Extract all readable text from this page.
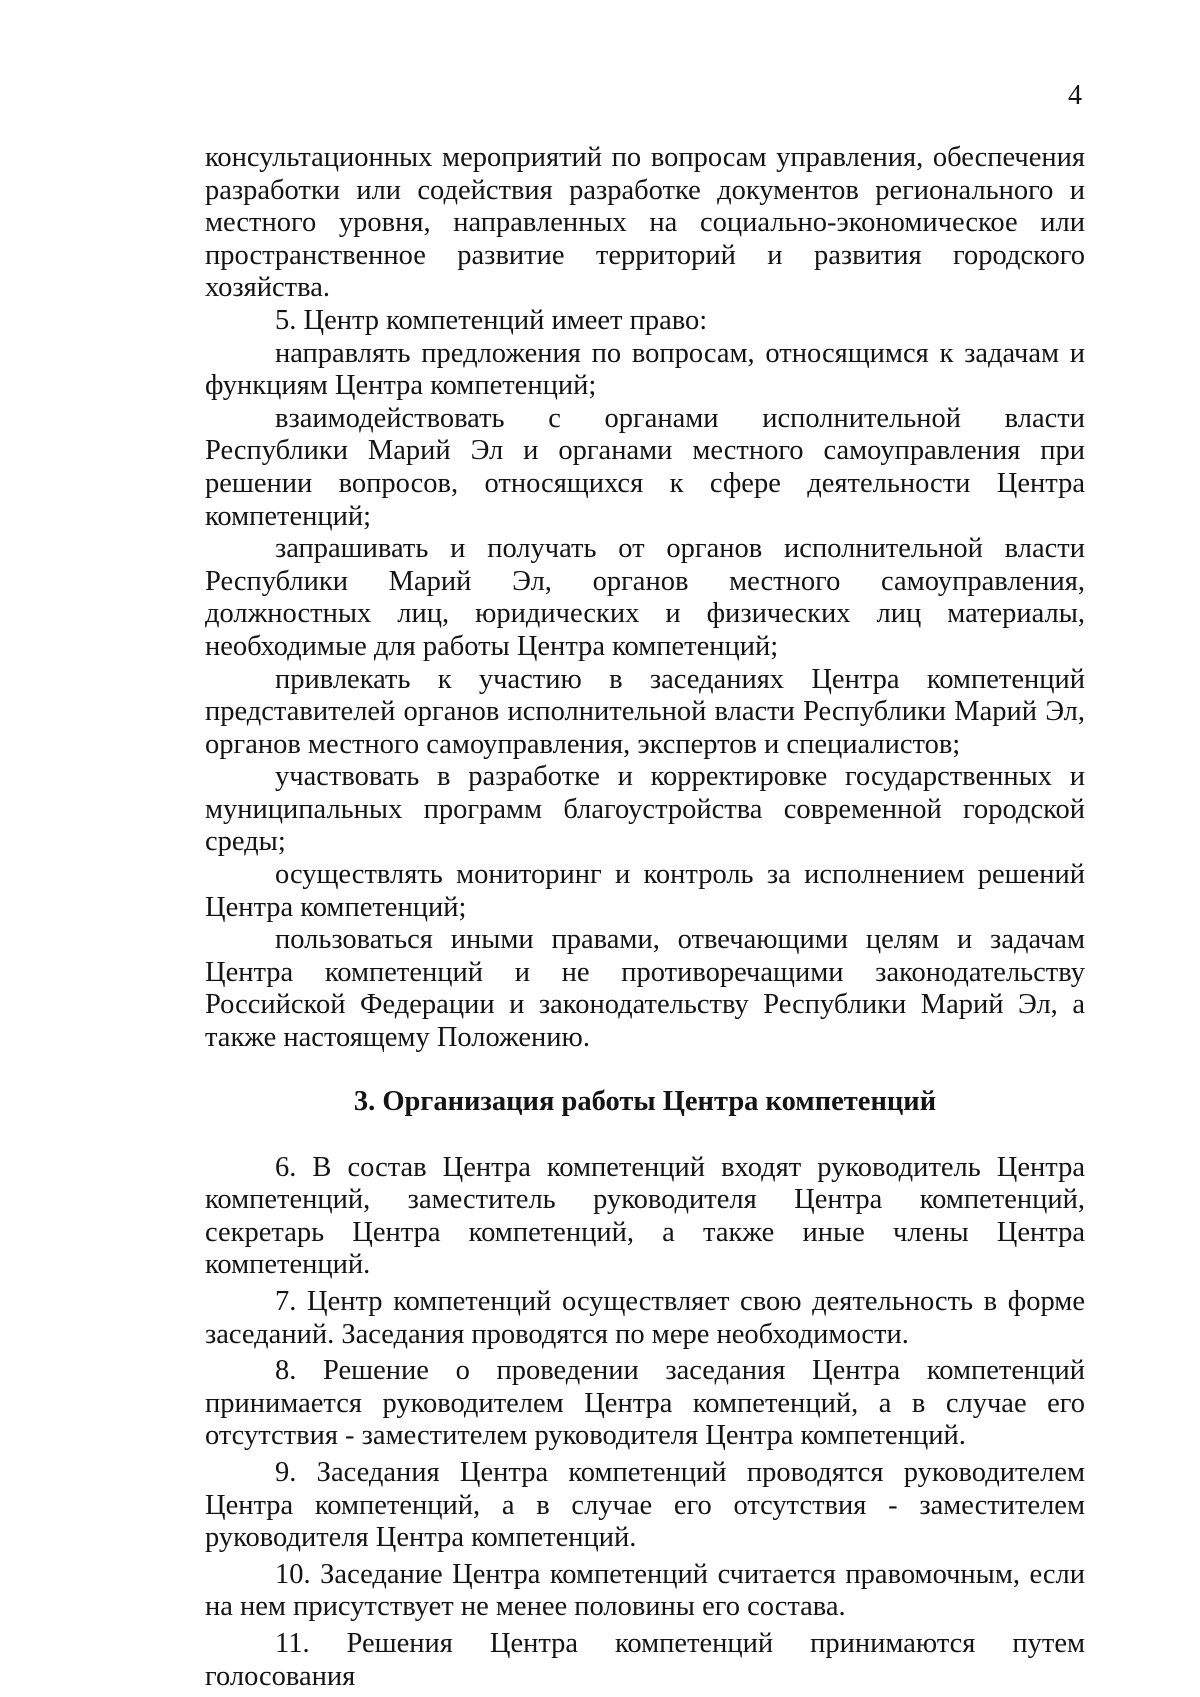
4

консультационных мероприятий по вопросам управления, обеспечения разработки или содействия разработке документов регионального и местного уровня, направленных на социально-экономическое или пространственное развитие территорий и развития городского хозяйства.

5. Центр компетенций имеет право:

направлять предложения по вопросам, относящимся к задачам и функциям Центра компетенций;

взаимодействовать с органами исполнительной власти Республики Марий Эл и органами местного самоуправления при решении вопросов, относящихся к сфере деятельности Центра компетенций;

запрашивать и получать от органов исполнительной власти Республики Марий Эл, органов местного самоуправления, должностных лиц, юридических и физических лиц материалы, необходимые для работы Центра компетенций;

привлекать к участию в заседаниях Центра компетенций представителей органов исполнительной власти Республики Марий Эл, органов местного самоуправления, экспертов и специалистов;

участвовать в разработке и корректировке государственных и муниципальных программ благоустройства современной городской среды;

осуществлять мониторинг и контроль за исполнением решений Центра компетенций;

пользоваться иными правами, отвечающими целям и задачам Центра компетенций и не противоречащими законодательству Российской Федерации и законодательству Республики Марий Эл, а также настоящему Положению.

3. Организация работы Центра компетенций

6. В состав Центра компетенций входят руководитель Центра компетенций, заместитель руководителя Центра компетенций, секретарь Центра компетенций, а также иные члены Центра компетенций.

7. Центр компетенций осуществляет свою деятельность в форме заседаний. Заседания проводятся по мере необходимости.

8. Решение о проведении заседания Центра компетенций принимается руководителем Центра компетенций, а в случае его отсутствия - заместителем руководителя Центра компетенций.

9. Заседания Центра компетенций проводятся руководителем Центра компетенций, а в случае его отсутствия - заместителем руководителя Центра компетенций.

10. Заседание Центра компетенций считается правомочным, если на нем присутствует не менее половины его состава.

11. Решения Центра компетенций принимаются путем голосования
